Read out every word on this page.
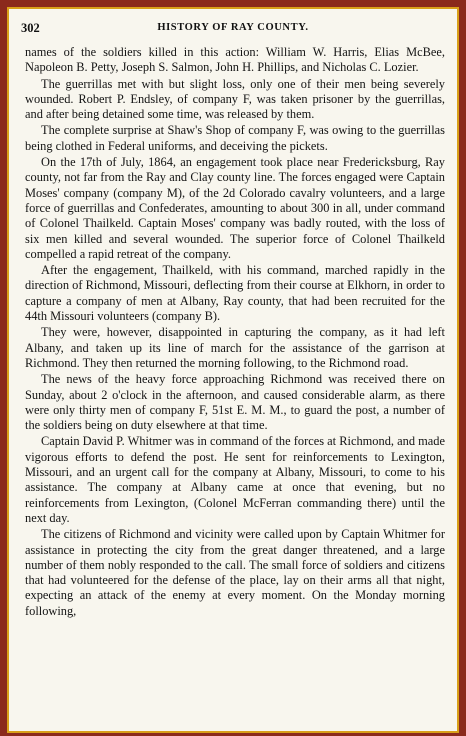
302	HISTORY OF RAY COUNTY.

names of the soldiers killed in this action: William W. Harris, Elias McBee, Napoleon B. Petty, Joseph S. Salmon, John H. Phillips, and Nicholas C. Lozier.

The guerrillas met with but slight loss, only one of their men being severely wounded. Robert P. Endsley, of company F, was taken prisoner by the guerrillas, and after being detained some time, was released by them.

The complete surprise at Shaw's Shop of company F, was owing to the guerrillas being clothed in Federal uniforms, and deceiving the pickets.

On the 17th of July, 1864, an engagement took place near Fredericksburg, Ray county, not far from the Ray and Clay county line. The forces engaged were Captain Moses' company (company M), of the 2d Colorado cavalry volunteers, and a large force of guerrillas and Confederates, amounting to about 300 in all, under command of Colonel Thailkeld. Captain Moses' company was badly routed, with the loss of six men killed and several wounded. The superior force of Colonel Thailkeld compelled a rapid retreat of the company.

After the engagement, Thailkeld, with his command, marched rapidly in the direction of Richmond, Missouri, deflecting from their course at Elkhorn, in order to capture a company of men at Albany, Ray county, that had been recruited for the 44th Missouri volunteers (company B).

They were, however, disappointed in capturing the company, as it had left Albany, and taken up its line of march for the assistance of the garrison at Richmond. They then returned the morning following, to the Richmond road.

The news of the heavy force approaching Richmond was received there on Sunday, about 2 o'clock in the afternoon, and caused considerable alarm, as there were only thirty men of company F, 51st E. M. M., to guard the post, a number of the soldiers being on duty elsewhere at that time.

Captain David P. Whitmer was in command of the forces at Richmond, and made vigorous efforts to defend the post. He sent for reinforcements to Lexington, Missouri, and an urgent call for the company at Albany, Missouri, to come to his assistance. The company at Albany came at once that evening, but no reinforcements from Lexington, (Colonel McFerran commanding there) until the next day.

The citizens of Richmond and vicinity were called upon by Captain Whitmer for assistance in protecting the city from the great danger threatened, and a large number of them nobly responded to the call. The small force of soldiers and citizens that had volunteered for the defense of the place, lay on their arms all that night, expecting an attack of the enemy at every moment. On the Monday morning following,
